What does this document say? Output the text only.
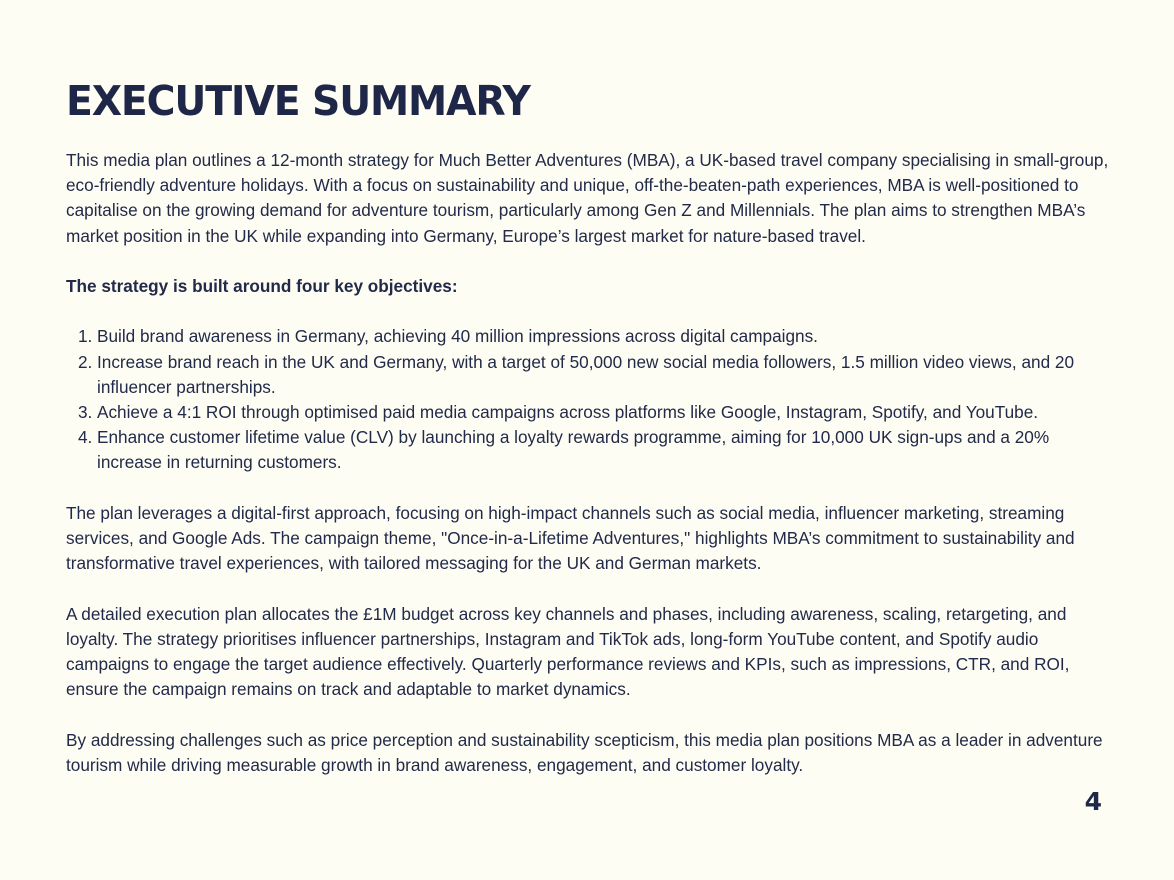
EXECUTIVE SUMMARY

This media plan outlines a 12-month strategy for Much Better Adventures (MBA), a UK-based travel company specialising in small-group, eco-friendly adventure holidays. With a focus on sustainability and unique, off-the-beaten-path experiences, MBA is well-positioned to capitalise on the growing demand for adventure tourism, particularly among Gen Z and Millennials. The plan aims to strengthen MBA’s market position in the UK while expanding into Germany, Europe’s largest market for nature-based travel.

The strategy is built around four key objectives:

1. Build brand awareness in Germany, achieving 40 million impressions across digital campaigns.
2. Increase brand reach in the UK and Germany, with a target of 50,000 new social media followers, 1.5 million video views, and 20 influencer partnerships.
3. Achieve a 4:1 ROI through optimised paid media campaigns across platforms like Google, Instagram, Spotify, and YouTube.
4. Enhance customer lifetime value (CLV) by launching a loyalty rewards programme, aiming for 10,000 UK sign-ups and a 20% increase in returning customers.

The plan leverages a digital-first approach, focusing on high-impact channels such as social media, influencer marketing, streaming services, and Google Ads. The campaign theme, "Once-in-a-Lifetime Adventures," highlights MBA’s commitment to sustainability and transformative travel experiences, with tailored messaging for the UK and German markets.

A detailed execution plan allocates the £1M budget across key channels and phases, including awareness, scaling, retargeting, and loyalty. The strategy prioritises influencer partnerships, Instagram and TikTok ads, long-form YouTube content, and Spotify audio campaigns to engage the target audience effectively. Quarterly performance reviews and KPIs, such as impressions, CTR, and ROI, ensure the campaign remains on track and adaptable to market dynamics.

By addressing challenges such as price perception and sustainability scepticism, this media plan positions MBA as a leader in adventure tourism while driving measurable growth in brand awareness, engagement, and customer loyalty.

4
